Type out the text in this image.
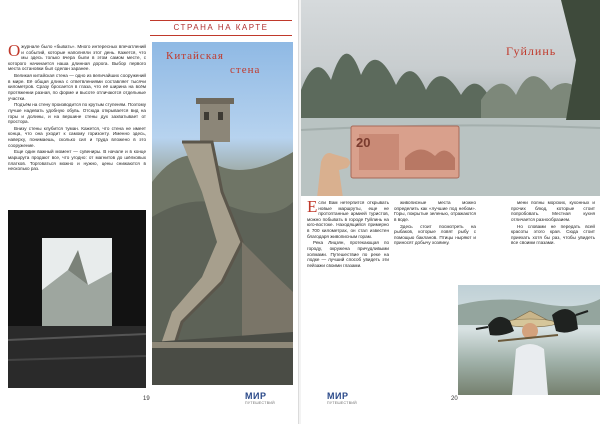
СТРАНА НА КАРТЕ
О журнале было «бывать». Много интересных впечатлений и событий, которые наполняли этот день. Кажется, что мы здесь только вчера были в этом самом месте, с которого начинается наша длинная дорога. Выбор первого места остановки был сделан заранее.

Великая китайская стена — одно из величайших сооружений в мире. Её общая длина с ответвлениями составляет тысячи километров. Сразу бросается в глаза, что её ширина на всём протяжении разная, по форме и высоте отличаются отдельные участки.

Подъём на стену производится по крутым ступеням. Поэтому лучше надевать удобную обувь. Отсюда открывается вид на горы и долины, и на вершине стены дух захватывает от простора.

Внизу стены клубится туман. Кажется, что стена не имеет конца, что она уходит к самому горизонту. Именно здесь, наверху, понимаешь, сколько сил и труда вложено в это сооружение.

Еще один важный момент — сувениры. В начале и в конце маршрута продают все, что угодно: от магнитов до шёлковых платков. Торговаться можно и нужно, цены снижаются в несколько раз.

Китайская
стена
19	МИР
ПУТЕШЕСТВИЙ
Гуйлинь
20
Е сли Вам нетерпится открывать новые маршруты, еще не протоптанные армией туристов, можно побывать в городе Гуйлинь на юго-востоке. Находящийся примерно в 700 километрах, он стал известен благодаря живописным горам.

Река Лицзян, протекающая по городу, окружена причудливыми холмами. Путешествие по реке на лодке — лучший способ увидеть эти пейзажи своими глазами.

живописные места можно определить как «лучшие под небом». Горы, покрытые зеленью, отражаются в воде.

Здесь стоит посмотреть на рыбаков, которые ловят рыбу с помощью бакланов. Птицы ныряют и приносят добычу хозяину.

мени полны морских, кухонных и прочих блюд, которые стоит попробовать. Местная кухня отличается разнообразием.

Но словами не передать всей красоты этого края. Сюда стоит приехать хотя бы раз, чтобы увидеть все своими глазами.

МИР
ПУТЕШЕСТВИЙ
20
